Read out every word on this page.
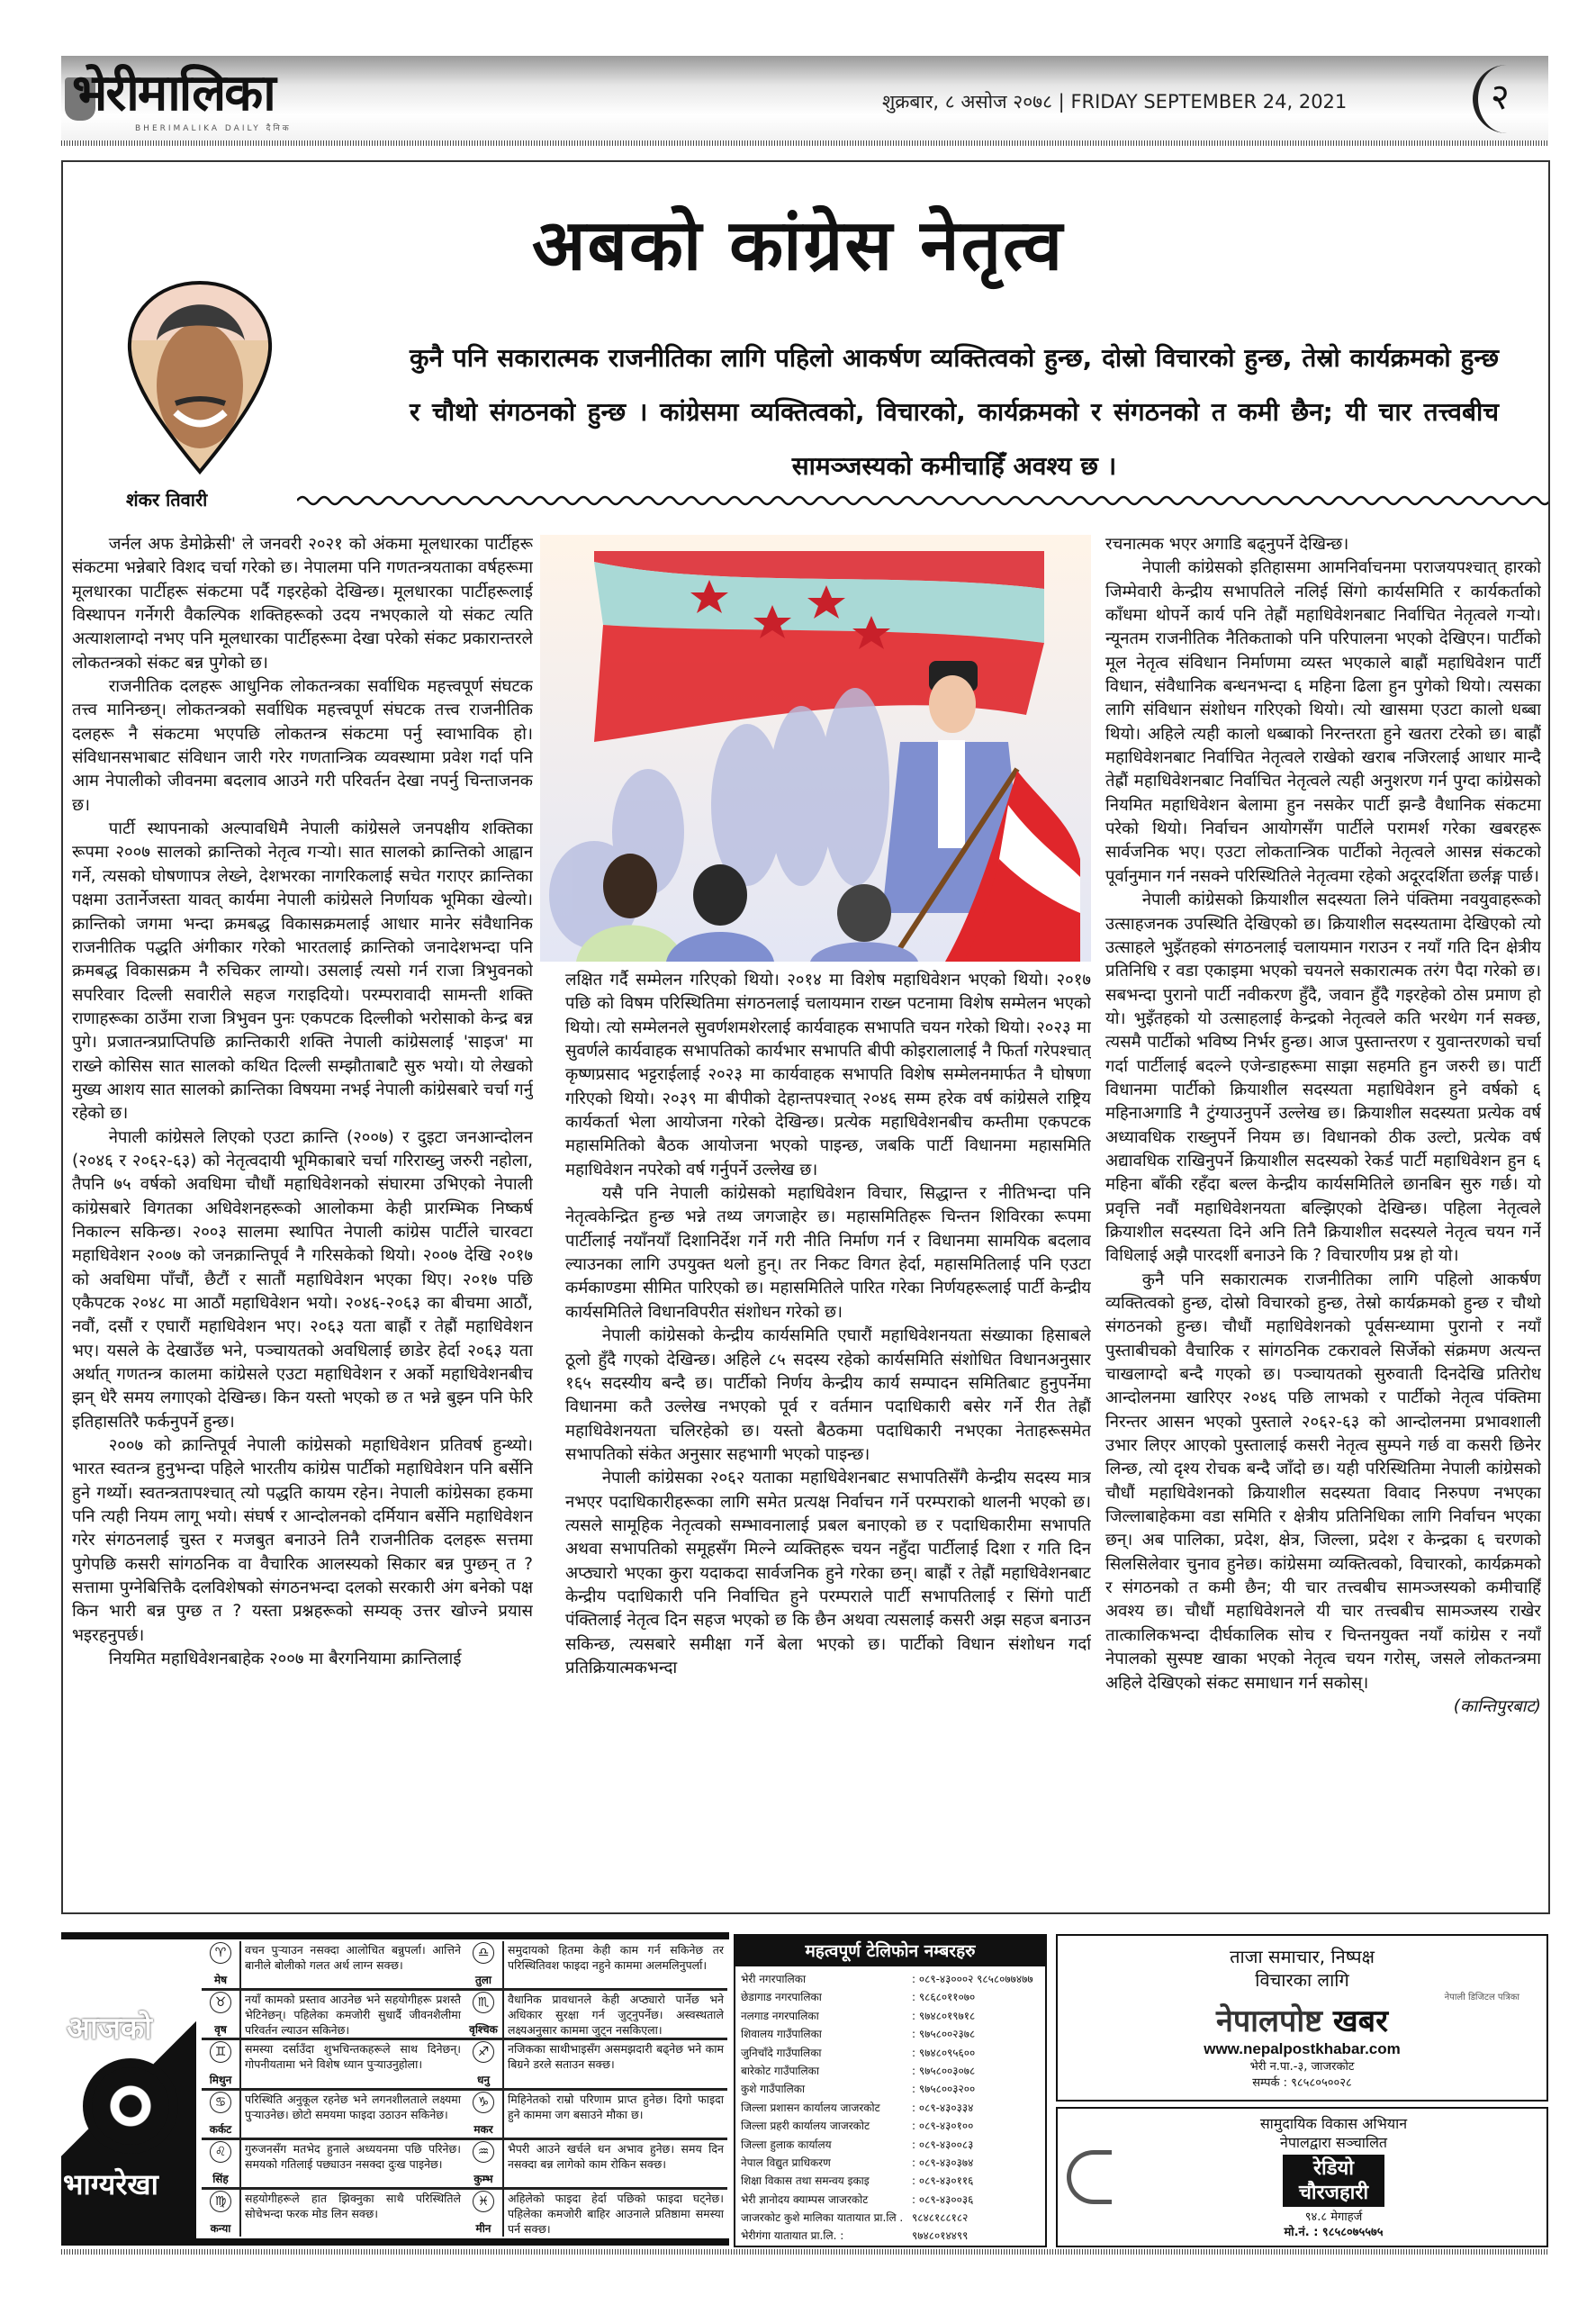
भेरीमालिका
BHERIMALIKA DAILY दैनिक
शुक्रबार, ८ असोज २०७८ | FRIDAY SEPTEMBER 24, 2021	२
अबको कांग्रेस नेतृत्व
कुनै पनि सकारात्मक राजनीतिका लागि पहिलो आकर्षण व्यक्तित्वको हुन्छ, दोस्रो विचारको हुन्छ, तेस्रो कार्यक्रमको हुन्छ र चौथो संगठनको हुन्छ । कांग्रेसमा व्यक्तित्वको, विचारको, कार्यक्रमको र संगठनको त कमी छैन; यी चार तत्त्वबीच सामञ्जस्यको कमीचाहिँ अवश्य छ ।
शंकर तिवारी

जर्नल अफ डेमोक्रेसी' ले जनवरी २०२१ को अंकमा मूलधारका पार्टीहरू संकटमा भन्नेबारे विशद चर्चा गरेको छ। नेपालमा पनि गणतन्त्रयताका वर्षहरूमा मूलधारका पार्टीहरू संकटमा पर्दै गइरहेको देखिन्छ। मूलधारका पार्टीहरूलाई विस्थापन गर्नेगरी वैकल्पिक शक्तिहरूको उदय नभएकाले यो संकट त्यति अत्याशलाग्दो नभए पनि मूलधारका पार्टीहरूमा देखा परेको संकट प्रकारान्तरले लोकतन्त्रको संकट बन्न पुगेको छ।

राजनीतिक दलहरू आधुनिक लोकतन्त्रका सर्वाधिक महत्त्वपूर्ण संघटक तत्त्व मानिन्छन्। लोकतन्त्रको सर्वाधिक महत्त्वपूर्ण संघटक तत्त्व राजनीतिक दलहरू नै संकटमा भएपछि लोकतन्त्र संकटमा पर्नु स्वाभाविक हो। संविधानसभाबाट संविधान जारी गरेर गणतान्त्रिक व्यवस्थामा प्रवेश गर्दा पनि आम नेपालीको जीवनमा बदलाव आउने गरी परिवर्तन देखा नपर्नु चिन्ताजनक छ।

पार्टी स्थापनाको अल्पावधिमै नेपाली कांग्रेसले जनपक्षीय शक्तिका रूपमा २००७ सालको क्रान्तिको नेतृत्व गर्‍यो। सात सालको क्रान्तिको आह्वान गर्ने, त्यसको घोषणापत्र लेख्ने, देशभरका नागरिकलाई सचेत गराएर क्रान्तिका पक्षमा उतार्नेजस्ता यावत् कार्यमा नेपाली कांग्रेसले निर्णायक भूमिका खेल्यो। क्रान्तिको जगमा भन्दा क्रमबद्ध विकासक्रमलाई आधार मानेर संवैधानिक राजनीतिक पद्धति अंगीकार गरेको भारतलाई क्रान्तिको जनादेशभन्दा पनि क्रमबद्ध विकासक्रम नै रुचिकर लाग्यो। उसलाई त्यसो गर्न राजा त्रिभुवनको सपरिवार दिल्ली सवारीले सहज गराइदियो। परम्परावादी सामन्ती शक्ति राणाहरूका ठाउँमा राजा त्रिभुवन पुनः एकपटक दिल्लीको भरोसाको केन्द्र बन्न पुगे। प्रजातन्त्रप्राप्तिपछि क्रान्तिकारी शक्ति नेपाली कांग्रेसलाई 'साइज' मा राख्ने कोसिस सात सालको कथित दिल्ली सम्झौताबाटै सुरु भयो। यो लेखको मुख्य आशय सात सालको क्रान्तिका विषयमा नभई नेपाली कांग्रेसबारे चर्चा गर्नु रहेको छ।

नेपाली कांग्रेसले लिएको एउटा क्रान्ति (२००७) र दुइटा जनआन्दोलन (२०४६ र २०६२-६३) को नेतृत्वदायी भूमिकाबारे चर्चा गरिराख्नु जरुरी नहोला, तैपनि ७५ वर्षको अवधिमा चौधौं महाधिवेशनको संघारमा उभिएको नेपाली कांग्रेसबारे विगतका अधिवेशनहरूको आलोकमा केही प्रारम्भिक निष्कर्ष निकाल्न सकिन्छ। २००३ सालमा स्थापित नेपाली कांग्रेस पार्टीले चारवटा महाधिवेशन २००७ को जनक्रान्तिपूर्व नै गरिसकेको थियो। २००७ देखि २०१७ को अवधिमा पाँचौं, छैटौं र सातौं महाधिवेशन भएका थिए। २०१७ पछि एकैपटक २०४८ मा आठौं महाधिवेशन भयो। २०४६-२०६३ का बीचमा आठौं, नवौं, दसौं र एघारौं महाधिवेशन भए। २०६३ यता बाह्रौं र तेह्रौं महाधिवेशन भए। यसले के देखाउँछ भने, पञ्चायतको अवधिलाई छाडेर हेर्दा २०६३ यता अर्थात् गणतन्त्र कालमा कांग्रेसले एउटा महाधिवेशन र अर्को महाधिवेशनबीच झन् धेरै समय लगाएको देखिन्छ। किन यस्तो भएको छ त भन्ने बुझ्न पनि फेरि इतिहासतिरै फर्कनुपर्ने हुन्छ।

२००७ को क्रान्तिपूर्व नेपाली कांग्रेसको महाधिवेशन प्रतिवर्ष हुन्थ्यो। भारत स्वतन्त्र हुनुभन्दा पहिले भारतीय कांग्रेस पार्टीको महाधिवेशन पनि बर्सेनि हुने गर्थ्यो। स्वतन्त्रतापश्चात् त्यो पद्धति कायम रहेन। नेपाली कांग्रेसका हकमा पनि त्यही नियम लागू भयो। संघर्ष र आन्दोलनको दर्मियान बर्सेनि महाधिवेशन गरेर संगठनलाई चुस्त र मजबुत बनाउने तिनै राजनीतिक दलहरू सत्तमा पुगेपछि कसरी सांगठनिक वा वैचारिक आलस्यको सिकार बन्न पुग्छन् त ? सत्तामा पुग्नेबित्तिकै दलविशेषको संगठनभन्दा दलको सरकारी अंग बनेको पक्ष किन भारी बन्न पुग्छ त ? यस्ता प्रश्नहरूको सम्यक् उत्तर खोज्ने प्रयास भइरहनुपर्छ।

नियमित महाधिवेशनबाहेक २००७ मा बैरगनियामा क्रान्तिलाई

लक्षित गर्दै सम्मेलन गरिएको थियो। २०१४ मा विशेष महाधिवेशन भएको थियो। २०१७ पछि को विषम परिस्थितिमा संगठनलाई चलायमान राख्न पटनामा विशेष सम्मेलन भएको थियो। त्यो सम्मेलनले सुवर्णशमशेरलाई कार्यवाहक सभापति चयन गरेको थियो। २०२३ मा सुवर्णले कार्यवाहक सभापतिको कार्यभार सभापति बीपी कोइरालालाई नै फिर्ता गरेपश्चात् कृष्णप्रसाद भट्टराईलाई २०२३ मा कार्यवाहक सभापति विशेष सम्मेलनमार्फत नै घोषणा गरिएको थियो। २०३९ मा बीपीको देहान्तपश्चात् २०४६ सम्म हरेक वर्ष कांग्रेसले राष्ट्रिय कार्यकर्ता भेला आयोजना गरेको देखिन्छ। प्रत्येक महाधिवेशनबीच कम्तीमा एकपटक महासमितिको बैठक आयोजना भएको पाइन्छ, जबकि पार्टी विधानमा महासमिति महाधिवेशन नपरेको वर्ष गर्नुपर्ने उल्लेख छ।

यसै पनि नेपाली कांग्रेसको महाधिवेशन विचार, सिद्धान्त र नीतिभन्दा पनि नेतृत्वकेन्द्रित हुन्छ भन्ने तथ्य जगजाहेर छ। महासमितिहरू चिन्तन शिविरका रूपमा पार्टीलाई नयाँनयाँ दिशानिर्देश गर्ने गरी नीति निर्माण गर्न र विधानमा सामयिक बदलाव ल्याउनका लागि उपयुक्त थलो हुन्। तर निकट विगत हेर्दा, महासमितिलाई पनि एउटा कर्मकाण्डमा सीमित पारिएको छ। महासमितिले पारित गरेका निर्णयहरूलाई पार्टी केन्द्रीय कार्यसमितिले विधानविपरीत संशोधन गरेको छ।

नेपाली कांग्रेसको केन्द्रीय कार्यसमिति एघारौं महाधिवेशनयता संख्याका हिसाबले ठूलो हुँदै गएको देखिन्छ। अहिले ८५ सदस्य रहेको कार्यसमिति संशोधित विधानअनुसार १६५ सदस्यीय बन्दै छ। पार्टीको निर्णय केन्द्रीय कार्य सम्पादन समितिबाट हुनुपर्नेमा विधानमा कतै उल्लेख नभएको पूर्व र वर्तमान पदाधिकारी बसेर गर्ने रीत तेह्रौं महाधिवेशनयता चलिरहेको छ। यस्तो बैठकमा पदाधिकारी नभएका नेताहरूसमेत सभापतिको संकेत अनुसार सहभागी भएको पाइन्छ।

नेपाली कांग्रेसका २०६२ यताका महाधिवेशनबाट सभापतिसँगै केन्द्रीय सदस्य मात्र नभएर पदाधिकारीहरूका लागि समेत प्रत्यक्ष निर्वाचन गर्ने परम्पराको थालनी भएको छ। त्यसले सामूहिक नेतृत्वको सम्भावनालाई प्रबल बनाएको छ र पदाधिकारीमा सभापति अथवा सभापतिको समूहसँग मिल्ने व्यक्तिहरू चयन नहुँदा पार्टीलाई दिशा र गति दिन अप्ठ्यारो भएका कुरा यदाकदा सार्वजनिक हुने गरेका छन्। बाह्रौं र तेह्रौं महाधिवेशनबाट केन्द्रीय पदाधिकारी पनि निर्वाचित हुने परम्पराले पार्टी सभापतिलाई र सिंगो पार्टी पंक्तिलाई नेतृत्व दिन सहज भएको छ कि छैन अथवा त्यसलाई कसरी अझ सहज बनाउन सकिन्छ, त्यसबारे समीक्षा गर्ने बेला भएको छ। पार्टीको विधान संशोधन गर्दा प्रतिक्रियात्मकभन्दा

रचनात्मक भएर अगाडि बढ्नुपर्ने देखिन्छ।

नेपाली कांग्रेसको इतिहासमा आमनिर्वाचनमा पराजयपश्चात् हारको जिम्मेवारी केन्द्रीय सभापतिले नलिई सिंगो कार्यसमिति र कार्यकर्ताको काँधमा थोपर्ने कार्य पनि तेह्रौं महाधिवेशनबाट निर्वाचित नेतृत्वले गर्‍यो। न्यूनतम राजनीतिक नैतिकताको पनि परिपालना भएको देखिएन। पार्टीको मूल नेतृत्व संविधान निर्माणमा व्यस्त भएकाले बाह्रौं महाधिवेशन पार्टी विधान, संवैधानिक बन्धनभन्दा ६ महिना ढिला हुन पुगेको थियो। त्यसका लागि संविधान संशोधन गरिएको थियो। त्यो खासमा एउटा कालो धब्बा थियो। अहिले त्यही कालो धब्बाको निरन्तरता हुने खतरा टरेको छ। बाह्रौं महाधिवेशनबाट निर्वाचित नेतृत्वले राखेको खराब नजिरलाई आधार मान्दै तेह्रौं महाधिवेशनबाट निर्वाचित नेतृत्वले त्यही अनुशरण गर्न पुग्दा कांग्रेसको नियमित महाधिवेशन बेलामा हुन नसकेर पार्टी झन्डै वैधानिक संकटमा परेको थियो। निर्वाचन आयोगसँग पार्टीले परामर्श गरेका खबरहरू सार्वजनिक भए। एउटा लोकतान्त्रिक पार्टीको नेतृत्वले आसन्न संकटको पूर्वानुमान गर्न नसक्ने परिस्थितिले नेतृत्वमा रहेको अदूरदर्शिता छर्लङ्ग पार्छ।

नेपाली कांग्रेसको क्रियाशील सदस्यता लिने पंक्तिमा नवयुवाहरूको उत्साहजनक उपस्थिति देखिएको छ। क्रियाशील सदस्यतामा देखिएको त्यो उत्साहले भुइँतहको संगठनलाई चलायमान गराउन र नयाँ गति दिन क्षेत्रीय प्रतिनिधि र वडा एकाइमा भएको चयनले सकारात्मक तरंग पैदा गरेको छ। सबभन्दा पुरानो पार्टी नवीकरण हुँदै, जवान हुँदै गइरहेको ठोस प्रमाण हो यो। भुइँतहको यो उत्साहलाई केन्द्रको नेतृत्वले कति भरथेग गर्न सक्छ, त्यसमै पार्टीको भविष्य निर्भर हुन्छ। आज पुस्तान्तरण र युवान्तरणको चर्चा गर्दा पार्टीलाई बदल्ने एजेन्डाहरूमा साझा सहमति हुन जरुरी छ। पार्टी विधानमा पार्टीको क्रियाशील सदस्यता महाधिवेशन हुने वर्षको ६ महिनाअगाडि नै टुंग्याउनुपर्ने उल्लेख छ। क्रियाशील सदस्यता प्रत्येक वर्ष अध्यावधिक राख्नुपर्ने नियम छ। विधानको ठीक उल्टो, प्रत्येक वर्ष अद्यावधिक राखिनुपर्ने क्रियाशील सदस्यको रेकर्ड पार्टी महाधिवेशन हुन ६ महिना बाँकी रहँदा बल्ल केन्द्रीय कार्यसमितिले छानबिन सुरु गर्छ। यो प्रवृत्ति नवौं महाधिवेशनयता बल्झिएको देखिन्छ। पहिला नेतृत्वले क्रियाशील सदस्यता दिने अनि तिनै क्रियाशील सदस्यले नेतृत्व चयन गर्ने विधिलाई अझै पारदर्शी बनाउने कि ? विचारणीय प्रश्न हो यो।

कुनै पनि सकारात्मक राजनीतिका लागि पहिलो आकर्षण व्यक्तित्वको हुन्छ, दोस्रो विचारको हुन्छ, तेस्रो कार्यक्रमको हुन्छ र चौथो संगठनको हुन्छ। चौधौं महाधिवेशनको पूर्वसन्ध्यामा पुरानो र नयाँ पुस्ताबीचको वैचारिक र सांगठनिक टकरावले सिर्जेको संक्रमण अत्यन्त चाखलाग्दो बन्दै गएको छ। पञ्चायतको सुरुवाती दिनदेखि प्रतिरोध आन्दोलनमा खारिएर २०४६ पछि लाभको र पार्टीको नेतृत्व पंक्तिमा निरन्तर आसन भएको पुस्ताले २०६२-६३ को आन्दोलनमा प्रभावशाली उभार लिएर आएको पुस्तालाई कसरी नेतृत्व सुम्पने गर्छ वा कसरी छिनेर लिन्छ, त्यो दृश्य रोचक बन्दै जाँदो छ। यही परिस्थितिमा नेपाली कांग्रेसको चौधौं महाधिवेशनको क्रियाशील सदस्यता विवाद निरुपण नभएका जिल्लाबाहेकमा वडा समिति र क्षेत्रीय प्रतिनिधिका लागि निर्वाचन भएका छन्। अब पालिका, प्रदेश, क्षेत्र, जिल्ला, प्रदेश र केन्द्रका ६ चरणको सिलसिलेवार चुनाव हुनेछ। कांग्रेसमा व्यक्तित्वको, विचारको, कार्यक्रमको र संगठनको त कमी छैन; यी चार तत्त्वबीच सामञ्जस्यको कमीचाहिँ अवश्य छ। चौधौं महाधिवेशनले यी चार तत्त्वबीच सामञ्जस्य राखेर तात्कालिकभन्दा दीर्घकालिक सोच र चिन्तनयुक्त नयाँ कांग्रेस र नयाँ नेपालको सुस्पष्ट खाका भएको नेतृत्व चयन गरोस्, जसले लोकतन्त्रमा अहिले देखिएको संकट समाधान गर्न सकोस्।

(कान्तिपुरबाट)

आजको
भाग्यरेखा
♈
मेष
वचन पुर्‍याउन नसक्दा आलोचित बन्नुपर्ला। आत्तिने बानीले बोलीको गलत अर्थ लाग्न सक्छ।
♉
वृष
नयाँ कामको प्रस्ताव आउनेछ भने सहयोगीहरू प्रशस्तै भेटिनेछन्। पहिलेका कमजोरी सुधार्दै जीवनशैलीमा परिवर्तन ल्याउन सकिनेछ।
♊
मिथुन
समस्या दर्साउँदा शुभचिन्तकहरूले साथ दिनेछन्। गोपनीयतामा भने विशेष ध्यान पुर्‍याउनुहोला।
♋
कर्कट
परिस्थिति अनुकूल रहनेछ भने लगनशीलताले लक्ष्यमा पुर्‍याउनेछ। छोटो समयमा फाइदा उठाउन सकिनेछ।
♌
सिंह
गुरुजनसँग मतभेद हुनाले अध्ययनमा पछि परिनेछ। समयको गतिलाई पछ्याउन नसक्दा दुःख पाइनेछ।
♍
कन्या
सहयोगीहरूले हात झिक्नुका साथै परिस्थितिले सोचेभन्दा फरक मोड लिन सक्छ।
♎
तुला
समुदायको हितमा केही काम गर्न सकिनेछ तर परिस्थितिवश फाइदा नहुने काममा अलमलिनुपर्ला।
♏
वृश्चिक
वैधानिक प्रावधानले केही अप्ठ्यारो पार्नेछ भने अधिकार सुरक्षा गर्न जुट्नुपर्नेछ। अस्वस्थताले लक्ष्यअनुसार काममा जुट्न नसकिएला।
♐
धनु
नजिकका साथीभाइसँग असमझदारी बढ्नेछ भने काम बिग्रने डरले सताउन सक्छ।
♑
मकर
मिहिनेतको राम्रो परिणाम प्राप्त हुनेछ। दिगो फाइदा हुने काममा जग बसाउने मौका छ।
♒
कुम्भ
भैपरी आउने खर्चले धन अभाव हुनेछ। समय दिन नसक्दा बन्न लागेको काम रोकिन सक्छ।
♓
मीन
अहिलेको फाइदा हेर्दा पछिको फाइदा घट्नेछ। पहिलेका कमजोरी बाहिर आउनाले प्रतिष्ठामा समस्या पर्न सक्छ।
महत्वपूर्ण टेलिफोन नम्बरहरु
भेरी नगरपालिका	: ०८९-४३०००२ ९८५८०७७४७७
छेडागाड नगरपालिका	: ९८६८०११०७०
नलगाड नगरपालिका	: ९७४८०१९७१८
शिवालय गाउँपालिका	: ९७५८००२३७८
जुनिचाँदे गाउँपालिका	: ९७४८०९५६००
बारेकोट गाउँपालिका	: ९७५८००३०७८
कुशे गाउँपालिका	: ९७५८००३२००
जिल्ला प्रशासन कार्यालय जाजरकोट	: ०८९-४३०३३४
जिल्ला प्रहरी कार्यालय जाजरकोट	: ०८९-४३०१००
जिल्ला हुलाक कार्यालय	: ०८९-४३००८३
नेपाल विद्युत प्राधिकरण	: ०८९-४३०३७४
शिक्षा विकास तथा समन्वय इकाइ	: ०८९-४३०११६
भेरी ज्ञानोदय क्याम्पस जाजरकोट	: ०८९-४३००३६
जाजरकोट कुशे मालिका यातायात प्रा.लि . ९८४८१८८१८२
भेरीगंगा यातायात प्रा.लि. :	९७४८०१४४९९
ताजा समाचार, निष्पक्ष
विचारका लागि
नेपाली डिजिटल पत्रिका
नेपालपोष्ट खबर
www.nepalpostkhabar.com
भेरी न.पा.-३, जाजरकोट
सम्पर्क : ९८५८०५००२८
सामुदायिक विकास अभियान
नेपालद्वारा सञ्चालित
रेडियो
चौरजहारी
९४.८ मेगाहर्ज
मो.नं. : ९८५८०७५५७५
